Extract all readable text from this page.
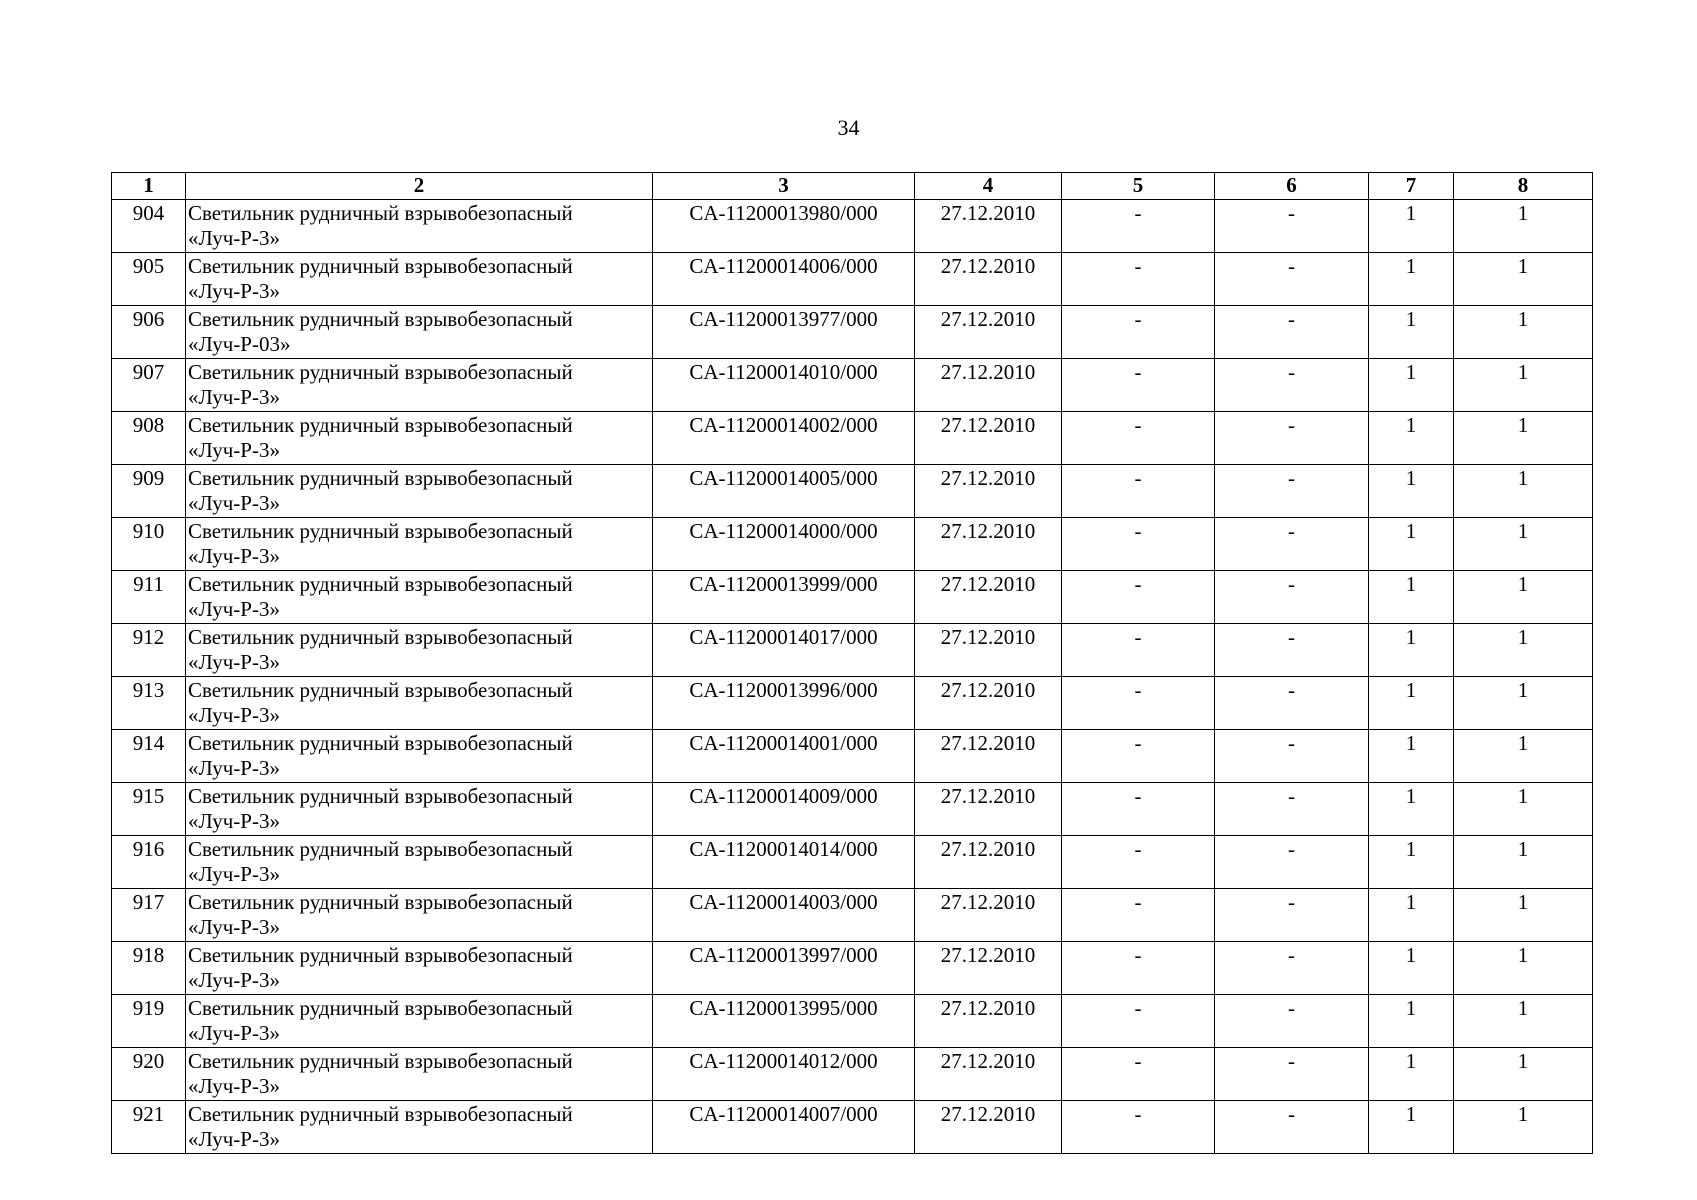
34
1	2	3	4	5	6	7	8
904	Светильник рудничный взрывобезопасный
«Луч-Р-3»	CA-11200013980/000	27.12.2010	-	-	1	1
905	Светильник рудничный взрывобезопасный
«Луч-Р-3»	CA-11200014006/000	27.12.2010	-	-	1	1
906	Светильник рудничный взрывобезопасный
«Луч-Р-03»	CA-11200013977/000	27.12.2010	-	-	1	1
907	Светильник рудничный взрывобезопасный
«Луч-Р-3»	CA-11200014010/000	27.12.2010	-	-	1	1
908	Светильник рудничный взрывобезопасный
«Луч-Р-3»	CA-11200014002/000	27.12.2010	-	-	1	1
909	Светильник рудничный взрывобезопасный
«Луч-Р-3»	CA-11200014005/000	27.12.2010	-	-	1	1
910	Светильник рудничный взрывобезопасный
«Луч-Р-3»	CA-11200014000/000	27.12.2010	-	-	1	1
911	Светильник рудничный взрывобезопасный
«Луч-Р-3»	CA-11200013999/000	27.12.2010	-	-	1	1
912	Светильник рудничный взрывобезопасный
«Луч-Р-3»	CA-11200014017/000	27.12.2010	-	-	1	1
913	Светильник рудничный взрывобезопасный
«Луч-Р-3»	CA-11200013996/000	27.12.2010	-	-	1	1
914	Светильник рудничный взрывобезопасный
«Луч-Р-3»	CA-11200014001/000	27.12.2010	-	-	1	1
915	Светильник рудничный взрывобезопасный
«Луч-Р-3»	CA-11200014009/000	27.12.2010	-	-	1	1
916	Светильник рудничный взрывобезопасный
«Луч-Р-3»	CA-11200014014/000	27.12.2010	-	-	1	1
917	Светильник рудничный взрывобезопасный
«Луч-Р-3»	CA-11200014003/000	27.12.2010	-	-	1	1
918	Светильник рудничный взрывобезопасный
«Луч-Р-3»	CA-11200013997/000	27.12.2010	-	-	1	1
919	Светильник рудничный взрывобезопасный
«Луч-Р-3»	CA-11200013995/000	27.12.2010	-	-	1	1
920	Светильник рудничный взрывобезопасный
«Луч-Р-3»	CA-11200014012/000	27.12.2010	-	-	1	1
921	Светильник рудничный взрывобезопасный
«Луч-Р-3»	CA-11200014007/000	27.12.2010	-	-	1	1
